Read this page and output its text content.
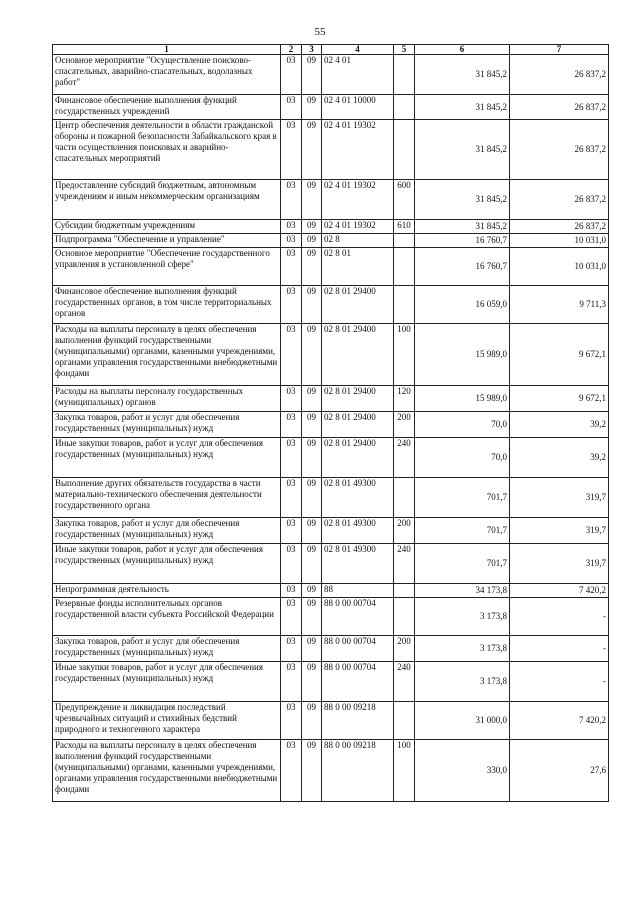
55
1	2	3	4	5	6	7
Основное мероприятие "Осуществление поисково-спасательных, аварийно-спасательных, водолазных работ"	03	09	02 4 01		31 845,2	26 837,2
Финансовое обеспечение выполнения функций государственных учреждений	03	09	02 4 01 10000		31 845,2	26 837,2
Центр обеспечения деятельности в области гражданской обороны и пожарной безопасности Забайкальского края в части осуществления поисковых и аварийно-спасательных мероприятий	03	09	02 4 01 19302		31 845,2	26 837,2
Предоставление субсидий бюджетным, автономным учреждениям и иным некоммерческим организациям	03	09	02 4 01 19302	600	31 845,2	26 837,2
Субсидии бюджетным учреждениям	03	09	02 4 01 19302	610	31 845,2	26 837,2
Подпрограмма "Обеспечение и управление"	03	09	02 8		16 760,7	10 031,0
Основное мероприятие "Обеспечение государственного управления в установленной сфере"	03	09	02 8 01		16 760,7	10 031,0
Финансовое обеспечение выполнения функций государственных органов, в том числе территориальных органов	03	09	02 8 01 29400		16 059,0	9 711,3
Расходы на выплаты персоналу в целях обеспечения выполнения функций государственными (муниципальными) органами, казенными учреждениями, органами управления государственными внебюджетными фондами	03	09	02 8 01 29400	100	15 989,0	9 672,1
Расходы на выплаты персоналу государственных (муниципальных) органов	03	09	02 8 01 29400	120	15 989,0	9 672,1
Закупка товаров, работ и услуг для обеспечения государственных (муниципальных) нужд	03	09	02 8 01 29400	200	70,0	39,2
Иные закупки товаров, работ и услуг для обеспечения государственных (муниципальных) нужд	03	09	02 8 01 29400	240	70,0	39,2
Выполнение других обязательств государства в части материально-технического обеспечения деятельности государственного органа	03	09	02 8 01 49300		701,7	319,7
Закупка товаров, работ и услуг для обеспечения государственных (муниципальных) нужд	03	09	02 8 01 49300	200	701,7	319,7
Иные закупки товаров, работ и услуг для обеспечения государственных (муниципальных) нужд	03	09	02 8 01 49300	240	701,7	319,7
Непрограммная деятельность	03	09	88		34 173,8	7 420,2
Резервные фонды исполнительных органов государственной власти субъекта Российской Федерации	03	09	88 0 00 00704		3 173,8	-
Закупка товаров, работ и услуг для обеспечения государственных (муниципальных) нужд	03	09	88 0 00 00704	200	3 173,8	-
Иные закупки товаров, работ и услуг для обеспечения государственных (муниципальных) нужд	03	09	88 0 00 00704	240	3 173,8	-
Предупреждение и ликвидация последствий чрезвычайных ситуаций и стихийных бедствий природного и техногенного характера	03	09	88 0 00 09218		31 000,0	7 420,2
Расходы на выплаты персоналу в целях обеспечения выполнения функций государственными (муниципальными) органами, казенными учреждениями, органами управления государственными внебюджетными фондами	03	09	88 0 00 09218	100	330,0	27,6
